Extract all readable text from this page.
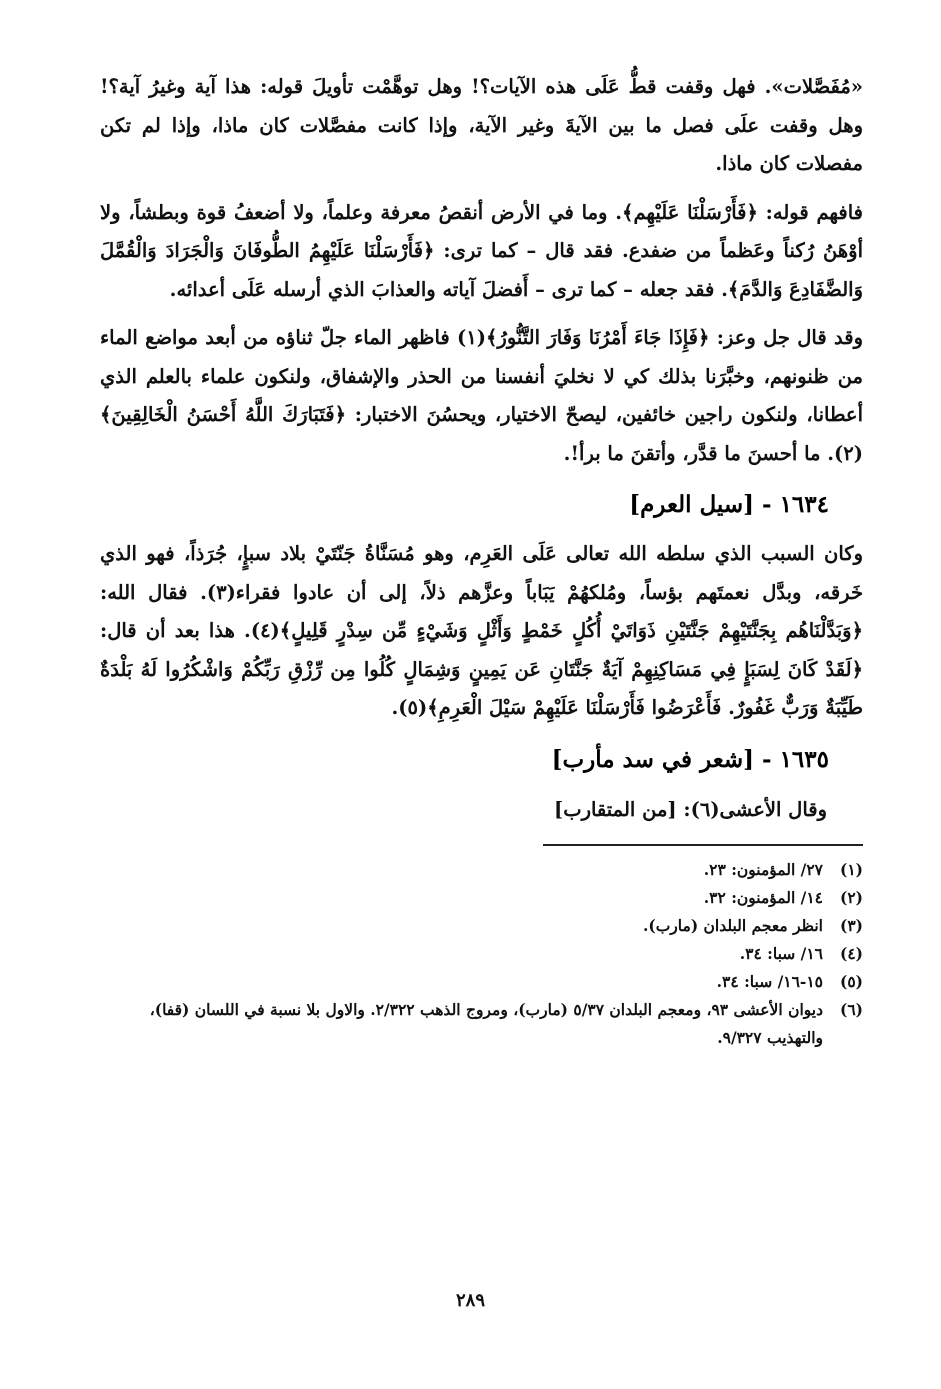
«مُفَصَّلات». فهل وقفت قطُّ عَلَى هذه الآيات؟! وهل توهَّمْت تأويلَ قوله: هذا آية وغيرُ آية؟! وهل وقفت علَى فصل ما بين الآيةَ وغير الآية، وإذا كانت مفصَّلات كان ماذا، وإذا لم تكن مفصلات كان ماذا.

فافهم قوله: ﴿فَأَرْسَلْنَا عَلَيْهِم﴾. وما في الأرض أنقصُ معرفة وعلماً، ولا أضعفُ قوة وبطشاً، ولا أوْهَنُ رُكناً وعَظماً من ضفدع. فقد قال – كما ترى: ﴿فَأَرْسَلْنَا عَلَيْهِمُ الطُّوفَانَ وَالْجَرَادَ وَالْقُمَّلَ وَالضَّفَادِعَ وَالدَّمَ﴾. فقد جعله – كما ترى – أَفضلَ آياته والعذابَ الذي أرسله عَلَى أعدائه.

وقد قال جل وعز: ﴿فَإِذَا جَاءَ أَمْرُنَا وَفَارَ التَّنُّورُ﴾(١) فاظهر الماء جلّ ثناؤه من أبعد مواضع الماء من ظنونهم، وخبَّرَنا بذلك كي لا نخليَ أنفسنا من الحذر والإشفاق، ولنكون علماء بالعلم الذي أعطانا، ولنكون راجين خائفين، ليصحّ الاختيار، ويحسُنَ الاختبار: ﴿فَتَبَارَكَ اللَّهُ أَحْسَنُ الْخَالِقِينَ﴾(٢). ما أحسنَ ما قدَّر، وأتقنَ ما برأ!.

١٦٣٤ - [سيل العرم]

وكان السبب الذي سلطه الله تعالى عَلَى العَرِم، وهو مُسَنَّاةُ جَنّتَيْ بلاد سبإٍ، جُرَذاً، فهو الذي خَرقه، وبدَّل نعمتَهم بؤساً، ومُلكهُمْ يَبَاباً وعزَّهم ذلاً، إلى أن عادوا فقراء(٣). فقال الله: ﴿وَبَدَّلْنَاهُم بِجَنَّتَيْهِمْ جَنَّتَيْنِ ذَوَاتَيْ أُكُلٍ خَمْطٍ وَأَثْلٍ وَشَيْءٍ مِّن سِدْرٍ قَلِيلٍ﴾(٤). هذا بعد أن قال: ﴿لَقَدْ كَانَ لِسَبَإٍ فِي مَسَاكِنِهِمْ آيَةٌ جَنَّتَانِ عَن يَمِينٍ وَشِمَالٍ كُلُوا مِن رِّزْقِ رَبِّكُمْ وَاشْكُرُوا لَهُ بَلْدَةٌ طَيِّبَةٌ وَرَبٌّ غَفُورٌ. فَأَعْرَضُوا فَأَرْسَلْنَا عَلَيْهِمْ سَيْلَ الْعَرِمِ﴾(٥).

١٦٣٥ - [شعر في سد مأرب]

وقال الأعشى(٦): [من المتقارب]

(١)
٢٧/ المؤمنون: ٢٣.
(٢)
١٤/ المؤمنون: ٣٢.
(٣)
انظر معجم البلدان (مارب).
(٤)
١٦/ سبا: ٣٤.
(٥)
١٥-١٦/ سبا: ٣٤.
(٦)
ديوان الأعشى ٩٣، ومعجم البلدان ٥/٣٧ (مارب)، ومروج الذهب ٢/٣٢٢. والاول بلا نسبة في اللسان (قفا)، والتهذيب ٩/٣٢٧.
٢٨٩
